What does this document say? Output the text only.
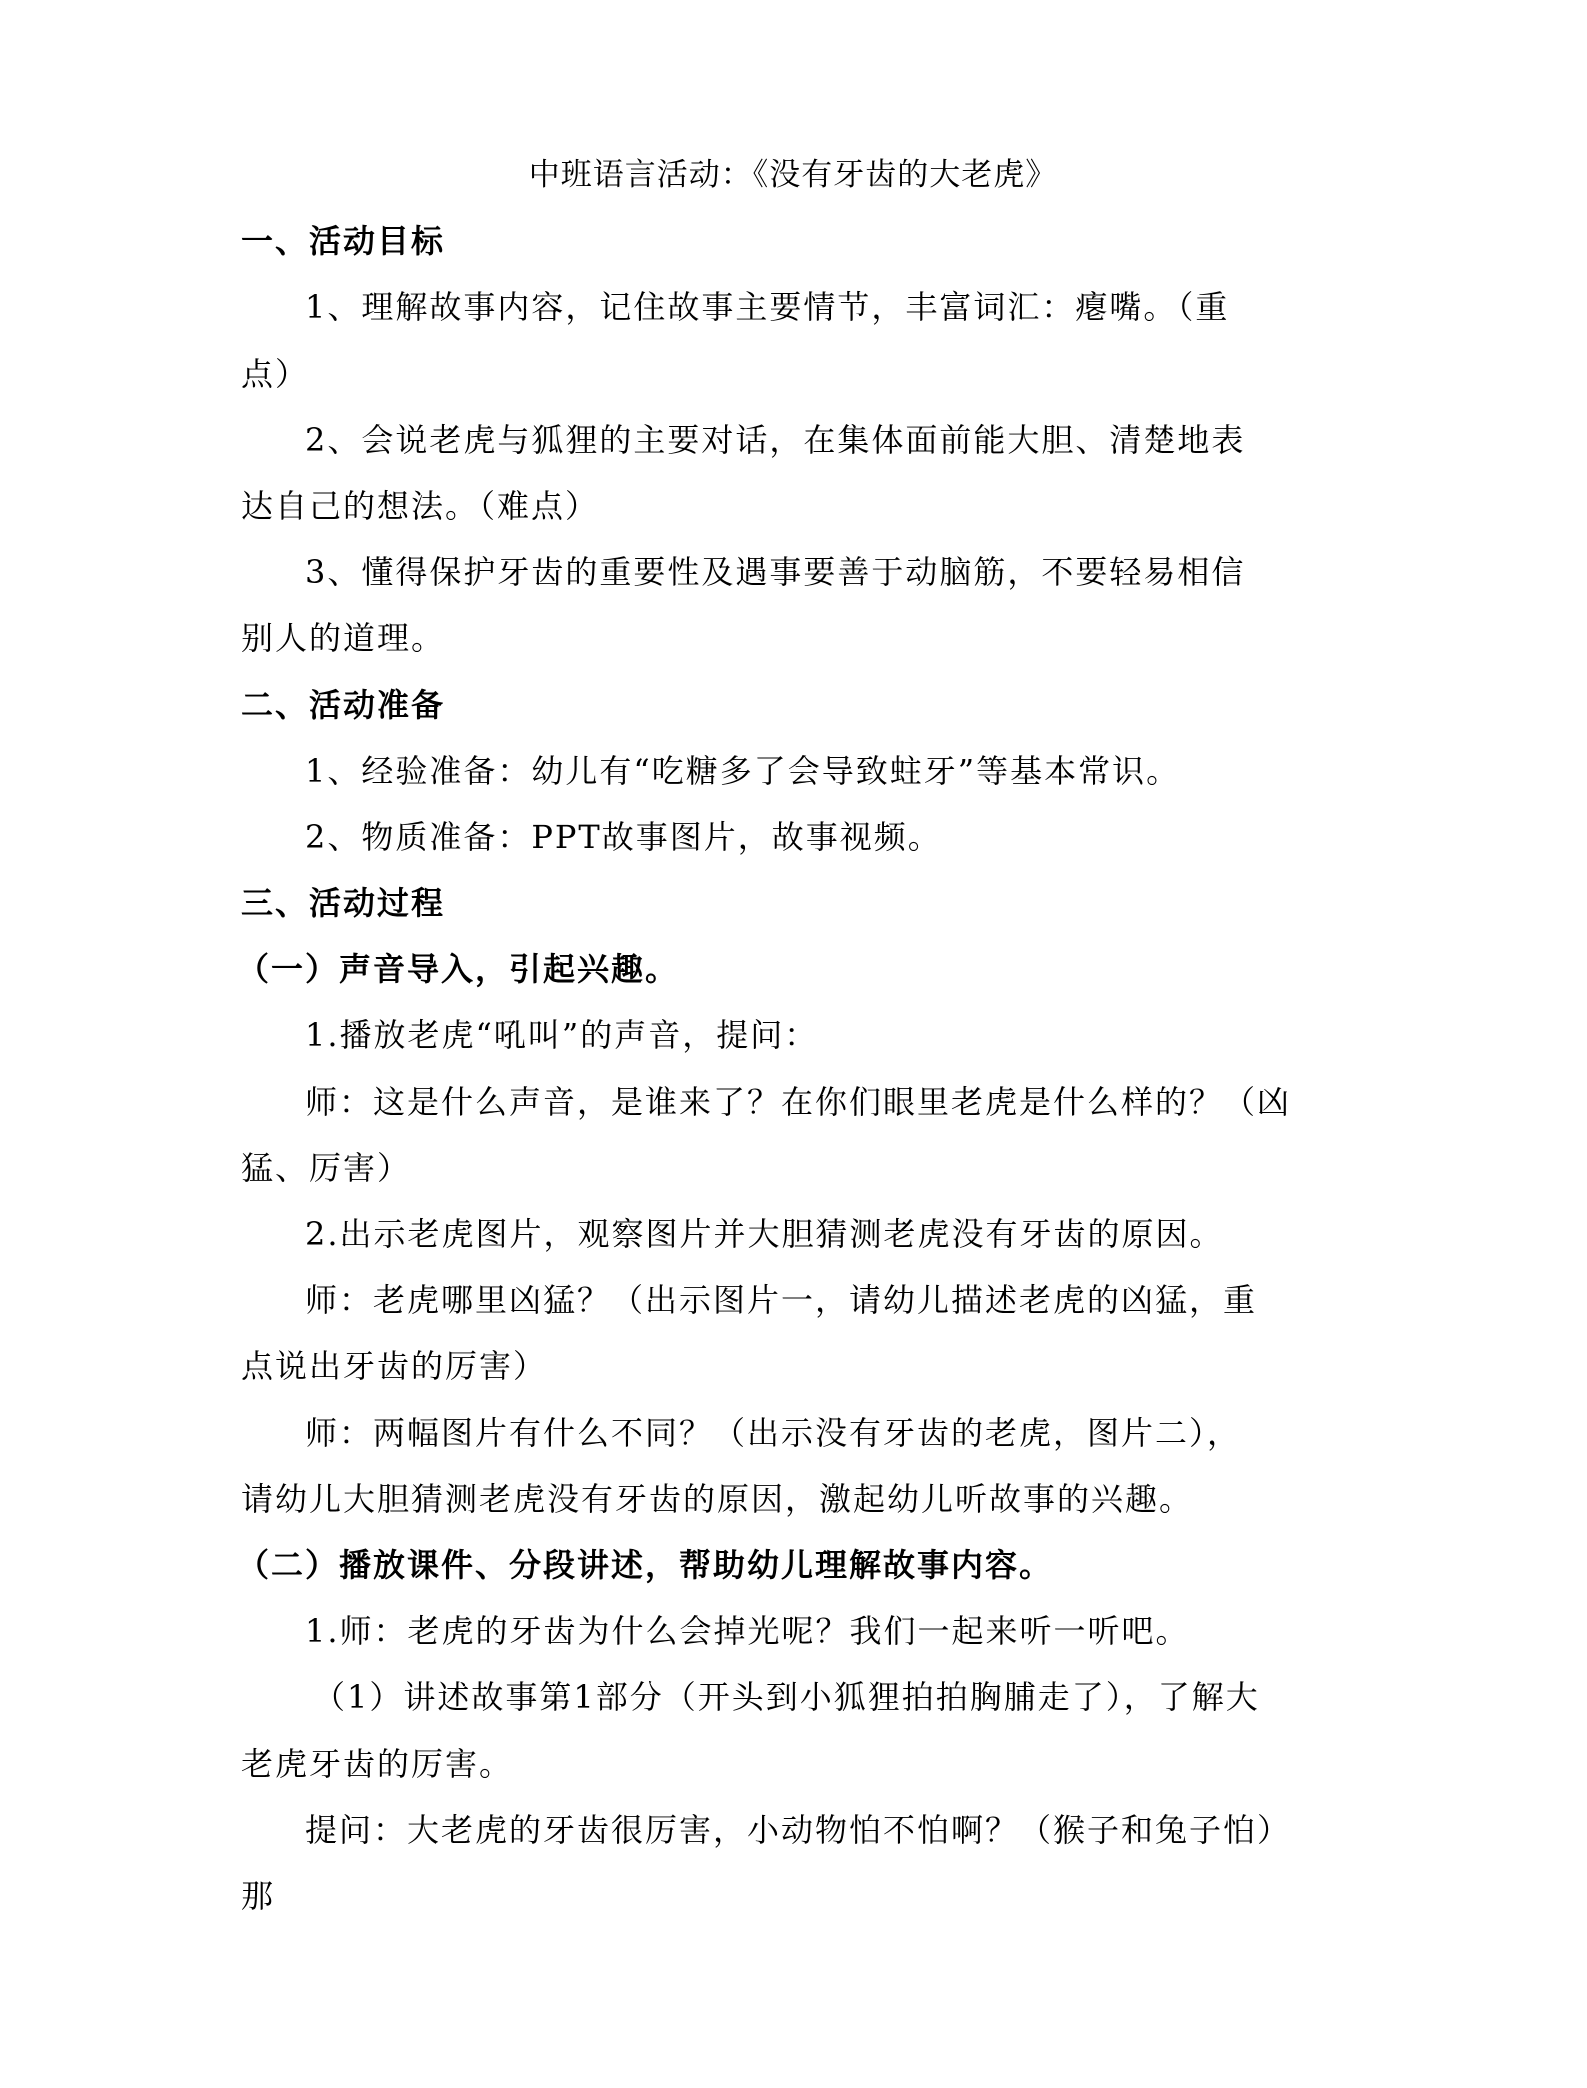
中班语言活动：《没有牙齿的大老虎》
一、活动目标
1、理解故事内容，记住故事主要情节，丰富词汇：瘪嘴。（重
点）
2、会说老虎与狐狸的主要对话，在集体面前能大胆、清楚地表
达自己的想法。（难点）
3、懂得保护牙齿的重要性及遇事要善于动脑筋，不要轻易相信
别人的道理。
二、活动准备
1、经验准备：幼儿有“吃糖多了会导致蛀牙”等基本常识。
2、物质准备：PPT故事图片，故事视频。
三、活动过程
（一）声音导入，引起兴趣。
1.播放老虎“吼叫”的声音，提问：
师：这是什么声音，是谁来了？在你们眼里老虎是什么样的？（凶
猛、厉害）
2.出示老虎图片，观察图片并大胆猜测老虎没有牙齿的原因。
师：老虎哪里凶猛？（出示图片一，请幼儿描述老虎的凶猛，重
点说出牙齿的厉害）
师：两幅图片有什么不同？（出示没有牙齿的老虎，图片二），
请幼儿大胆猜测老虎没有牙齿的原因，激起幼儿听故事的兴趣。
（二）播放课件、分段讲述，帮助幼儿理解故事内容。
1.师：老虎的牙齿为什么会掉光呢？我们一起来听一听吧。
（1）讲述故事第1部分（开头到小狐狸拍拍胸脯走了），了解大
老虎牙齿的厉害。
提问：大老虎的牙齿很厉害，小动物怕不怕啊？（猴子和兔子怕）
那
